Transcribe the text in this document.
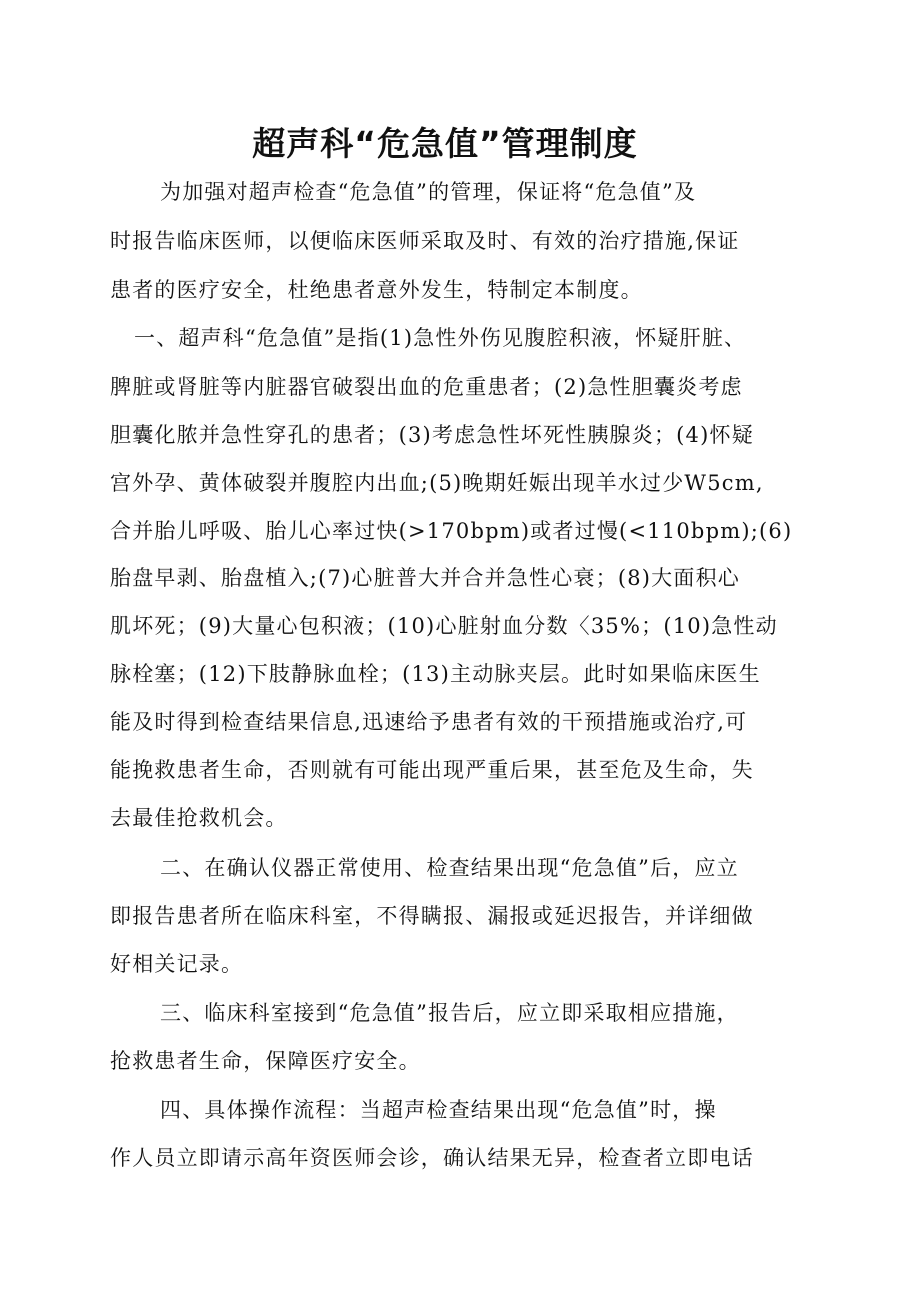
超声科“危急值”管理制度
为加强对超声检查“危急值”的管理，保证将“危急值”及
时报告临床医师，以便临床医师采取及时、有效的治疗措施,保证
患者的医疗安全，杜绝患者意外发生，特制定本制度。
一、超声科“危急值”是指(1)急性外伤见腹腔积液，怀疑肝脏、
脾脏或肾脏等内脏器官破裂出血的危重患者；(2)急性胆囊炎考虑
胆囊化脓并急性穿孔的患者；(3)考虑急性坏死性胰腺炎；(4)怀疑
宫外孕、黄体破裂并腹腔内出血;(5)晚期妊娠出现羊水过少W5cm,
合并胎儿呼吸、胎儿心率过快(>170bpm)或者过慢(<110bpm);(6)
胎盘早剥、胎盘植入;(7)心脏普大并合并急性心衰；(8)大面积心
肌坏死；(9)大量心包积液；(10)心脏射血分数〈35%；(10)急性动
脉栓塞；(12)下肢静脉血栓；(13)主动脉夹层。此时如果临床医生
能及时得到检查结果信息,迅速给予患者有效的干预措施或治疗,可
能挽救患者生命，否则就有可能出现严重后果，甚至危及生命，失
去最佳抢救机会。
二、在确认仪器正常使用、检查结果出现“危急值”后，应立
即报告患者所在临床科室，不得瞒报、漏报或延迟报告，并详细做
好相关记录。
三、临床科室接到“危急值”报告后，应立即采取相应措施，
抢救患者生命，保障医疗安全。
四、具体操作流程：当超声检查结果出现“危急值”时，操
作人员立即请示高年资医师会诊，确认结果无异，检查者立即电话
